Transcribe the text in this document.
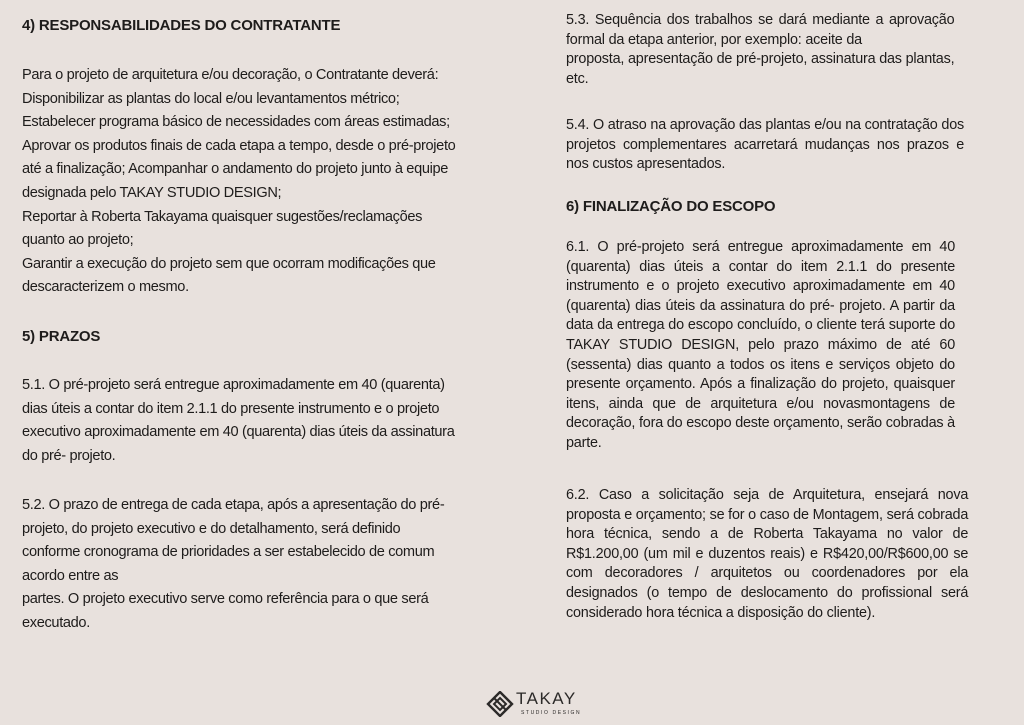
4) RESPONSABILIDADES DO CONTRATANTE

Para o projeto de arquitetura e/ou decoração, o Contratante deverá:
Disponibilizar as plantas do local e/ou levantamentos métrico;
Estabelecer programa básico de necessidades com áreas estimadas;
Aprovar os produtos finais de cada etapa a tempo, desde o pré-projeto
até a finalização; Acompanhar o andamento do projeto junto à equipe
designada pelo TAKAY STUDIO DESIGN;
Reportar à Roberta Takayama quaisquer sugestões/reclamações
quanto ao projeto;
Garantir a execução do projeto sem que ocorram modificações que
descaracterizem o mesmo.

5) PRAZOS

5.1. O pré-projeto será entregue aproximadamente em 40 (quarenta)
dias úteis a contar do item 2.1.1 do presente instrumento e o projeto
executivo aproximadamente em 40 (quarenta) dias úteis da assinatura
do pré- projeto.

5.2. O prazo de entrega de cada etapa, após a apresentação do pré-
projeto, do projeto executivo e do detalhamento, será definido
conforme cronograma de prioridades a ser estabelecido de comum
acordo entre as
partes. O projeto executivo serve como referência para o que será
executado.

5.3. Sequência dos trabalhos se dará mediante a aprovação
formal da etapa anterior, por exemplo: aceite da
proposta, apresentação de pré-projeto, assinatura das plantas,
etc.

5.4. O atraso na aprovação das plantas e/ou na contratação dos
projetos complementares acarretará mudanças nos prazos e
nos custos apresentados.

6) FINALIZAÇÃO DO ESCOPO

6.1. O pré-projeto será entregue aproximadamente em 40
(quarenta) dias úteis a contar do item 2.1.1 do presente
instrumento e o projeto executivo aproximadamente em 40
(quarenta) dias úteis da assinatura do pré- projeto. A partir da
data da entrega do escopo concluído, o cliente terá suporte do
TAKAY STUDIO DESIGN, pelo prazo máximo de até 60
(sessenta) dias quanto a todos os itens e serviços objeto do
presente orçamento. Após a finalização do projeto, quaisquer
itens, ainda que de arquitetura e/ou novasmontagens de
decoração, fora do escopo deste orçamento, serão cobradas à
parte.

6.2. Caso a solicitação seja de Arquitetura, ensejará nova
proposta e orçamento; se for o caso de Montagem, será cobrada
hora técnica, sendo a de Roberta Takayama no valor de
R$1.200,00 (um mil e duzentos reais) e R$420,00/R$600,00 se
com decoradores / arquitetos ou coordenadores por ela
designados (o tempo de deslocamento do profissional será
considerado hora técnica a disposição do cliente).

TAKAY
STUDIO DESIGN
